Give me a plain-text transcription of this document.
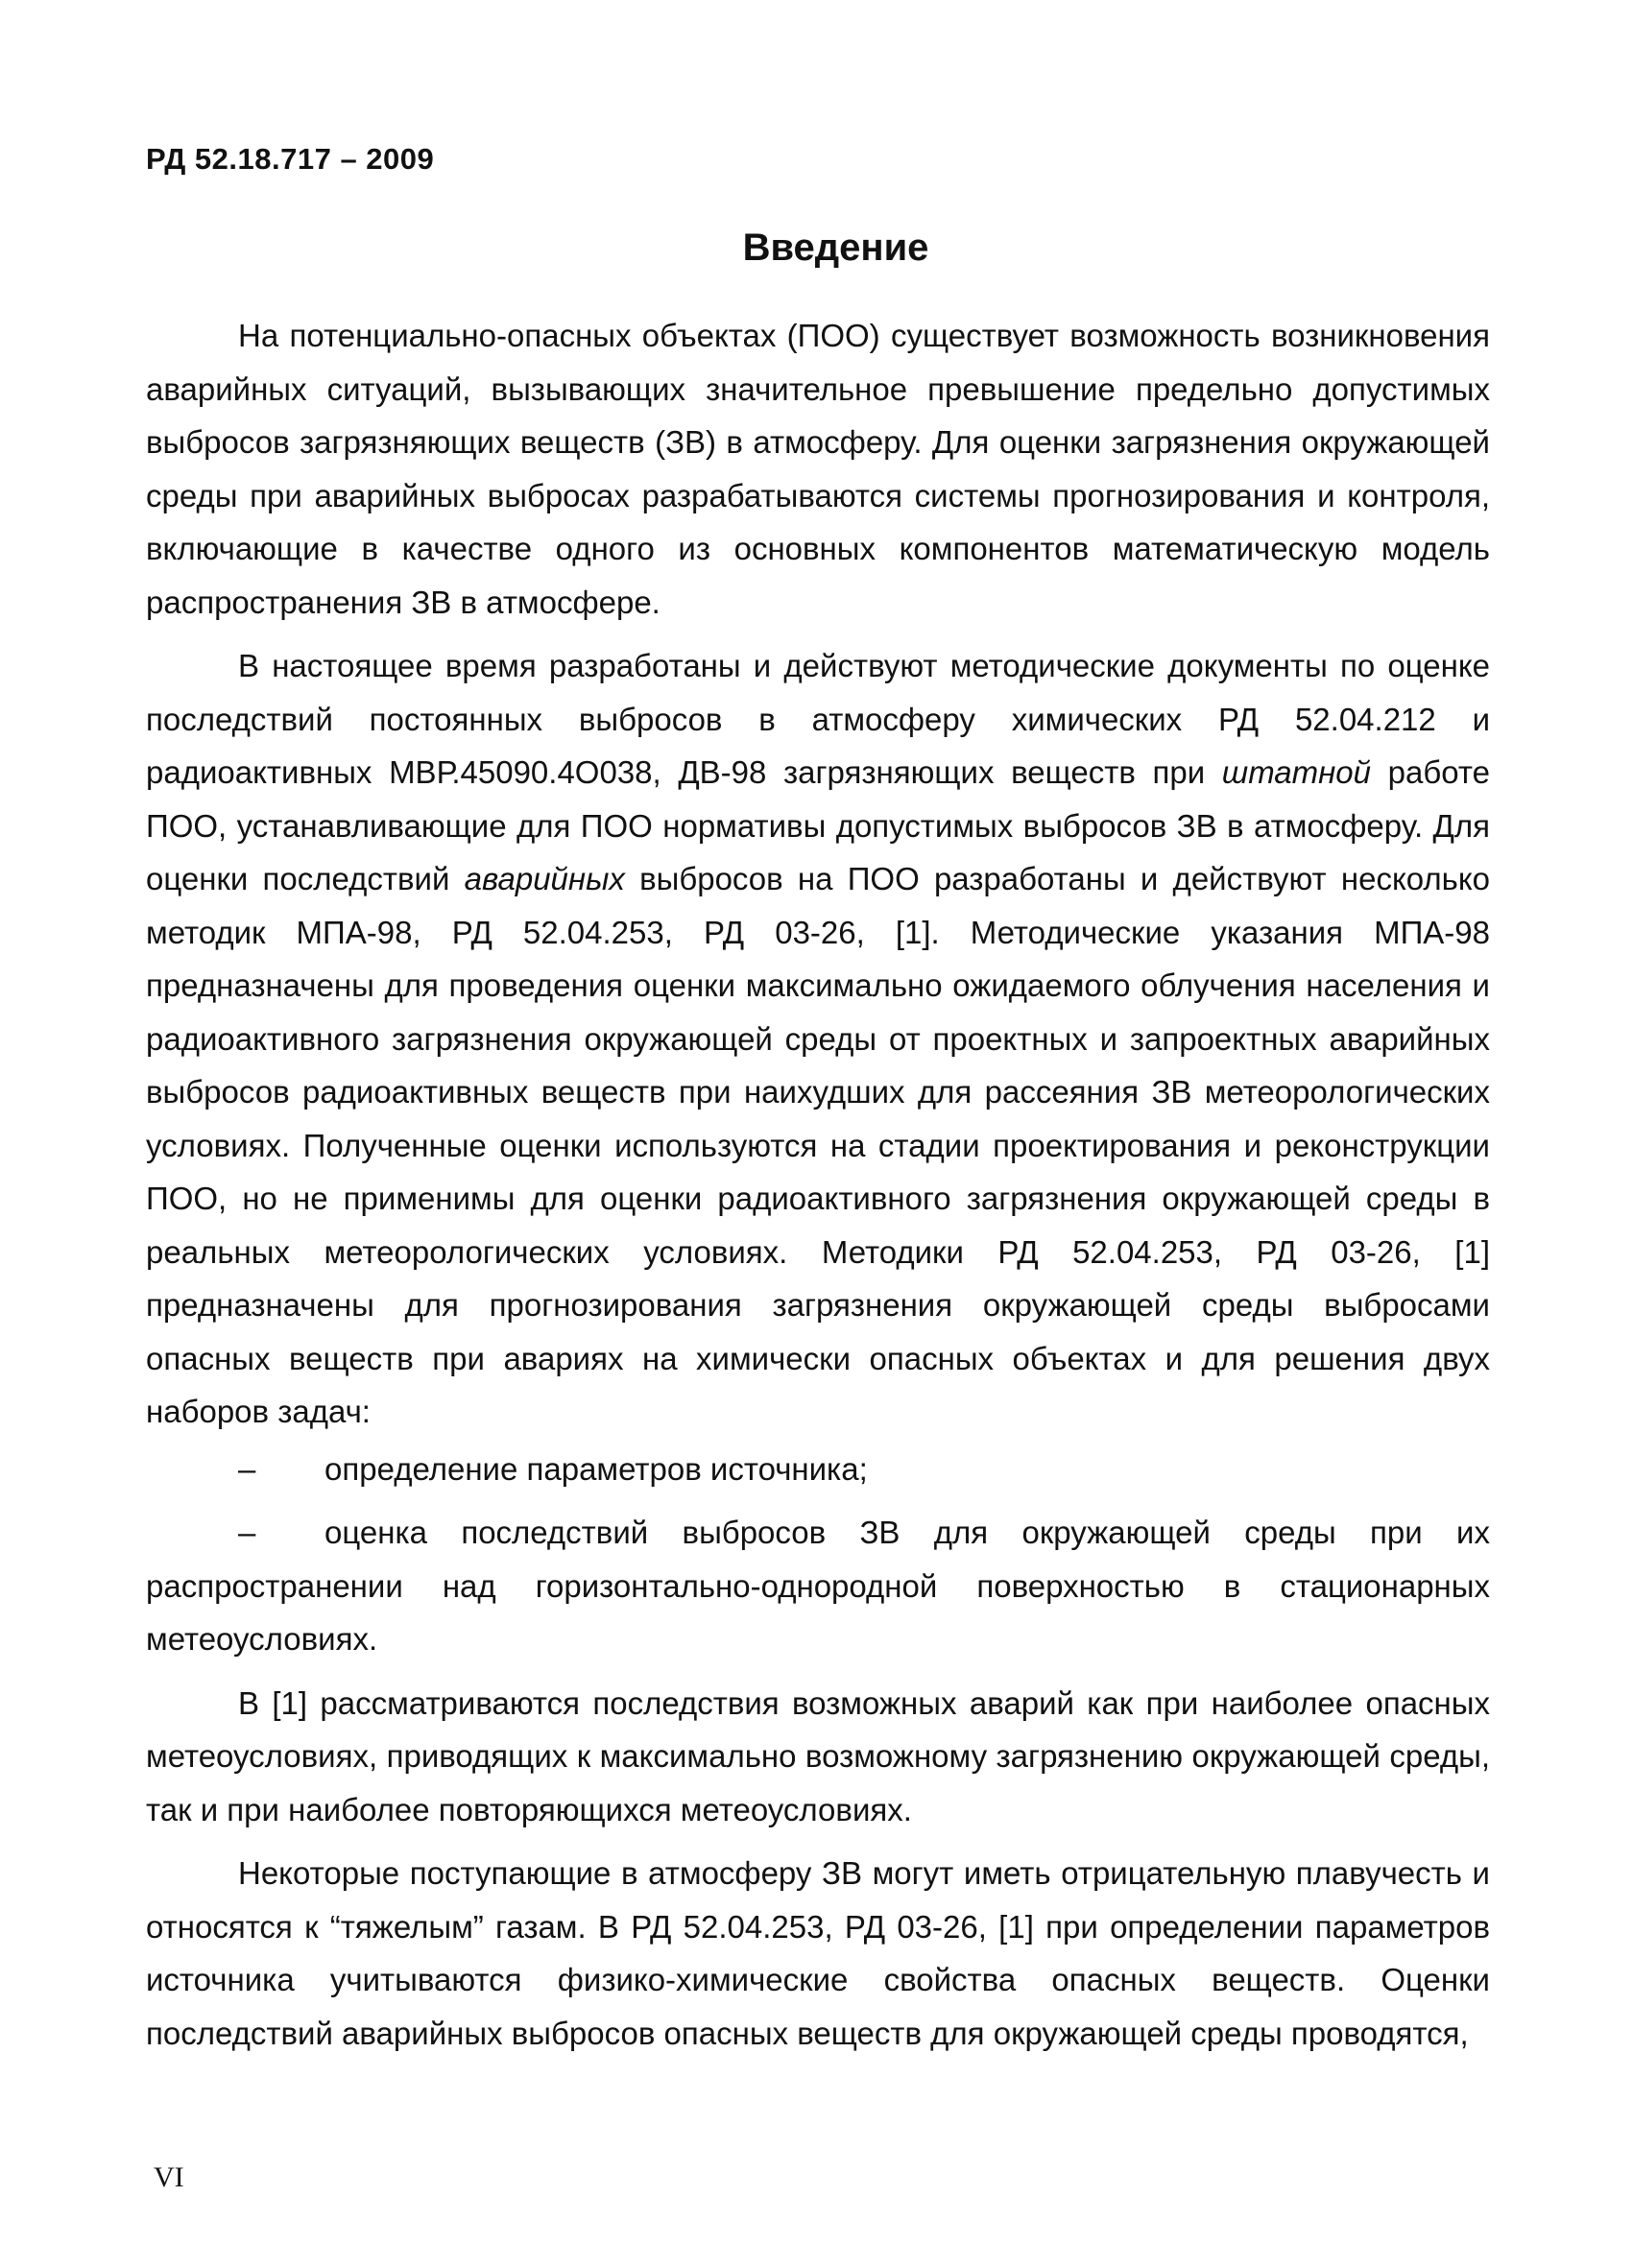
РД 52.18.717 – 2009
Введение

На потенциально-опасных объектах (ПОО) существует возможность возникновения аварийных ситуаций, вызывающих значительное превышение предельно допустимых выбросов загрязняющих веществ (ЗВ) в атмосферу. Для оценки загрязнения окружающей среды при аварийных выбросах разрабатываются системы прогнозирования и контроля, включающие в качестве одного из основных компонентов математическую модель распространения ЗВ в атмосфере.

В настоящее время разработаны и действуют методические документы по оценке последствий постоянных выбросов в атмосферу химических РД 52.04.212 и радиоактивных МВР.45090.4О038, ДВ-98 загрязняющих веществ при штатной работе ПОО, устанавливающие для ПОО нормативы допустимых выбросов ЗВ в атмосферу. Для оценки последствий аварийных выбросов на ПОО разработаны и действуют несколько методик МПА-98, РД 52.04.253, РД 03-26, [1]. Методические указания МПА-98 предназначены для проведения оценки максимально ожидаемого облучения населения и радиоактивного загрязнения окружающей среды от проектных и запроектных аварийных выбросов радиоактивных веществ при наихудших для рассеяния ЗВ метеорологических условиях. Полученные оценки используются на стадии проектирования и реконструкции ПОО, но не применимы для оценки радиоактивного загрязнения окружающей среды в реальных метеорологических условиях. Методики РД 52.04.253, РД 03-26, [1] предназначены для прогнозирования загрязнения окружающей среды выбросами опасных веществ при авариях на химически опасных объектах и для решения двух наборов задач:

– определение параметров источника;

– оценка последствий выбросов ЗВ для окружающей среды при их распространении над горизонтально-однородной поверхностью в стационарных метеоусловиях.

В [1] рассматриваются последствия возможных аварий как при наиболее опасных метеоусловиях, приводящих к максимально возможному загрязнению окружающей среды, так и при наиболее повторяющихся метеоусловиях.

Некоторые поступающие в атмосферу ЗВ могут иметь отрицательную плавучесть и относятся к “тяжелым” газам. В РД 52.04.253, РД 03-26, [1] при определении параметров источника учитываются физико-химические свойства опасных веществ. Оценки последствий аварийных выбросов опасных веществ для окружающей среды проводятся,

VI
